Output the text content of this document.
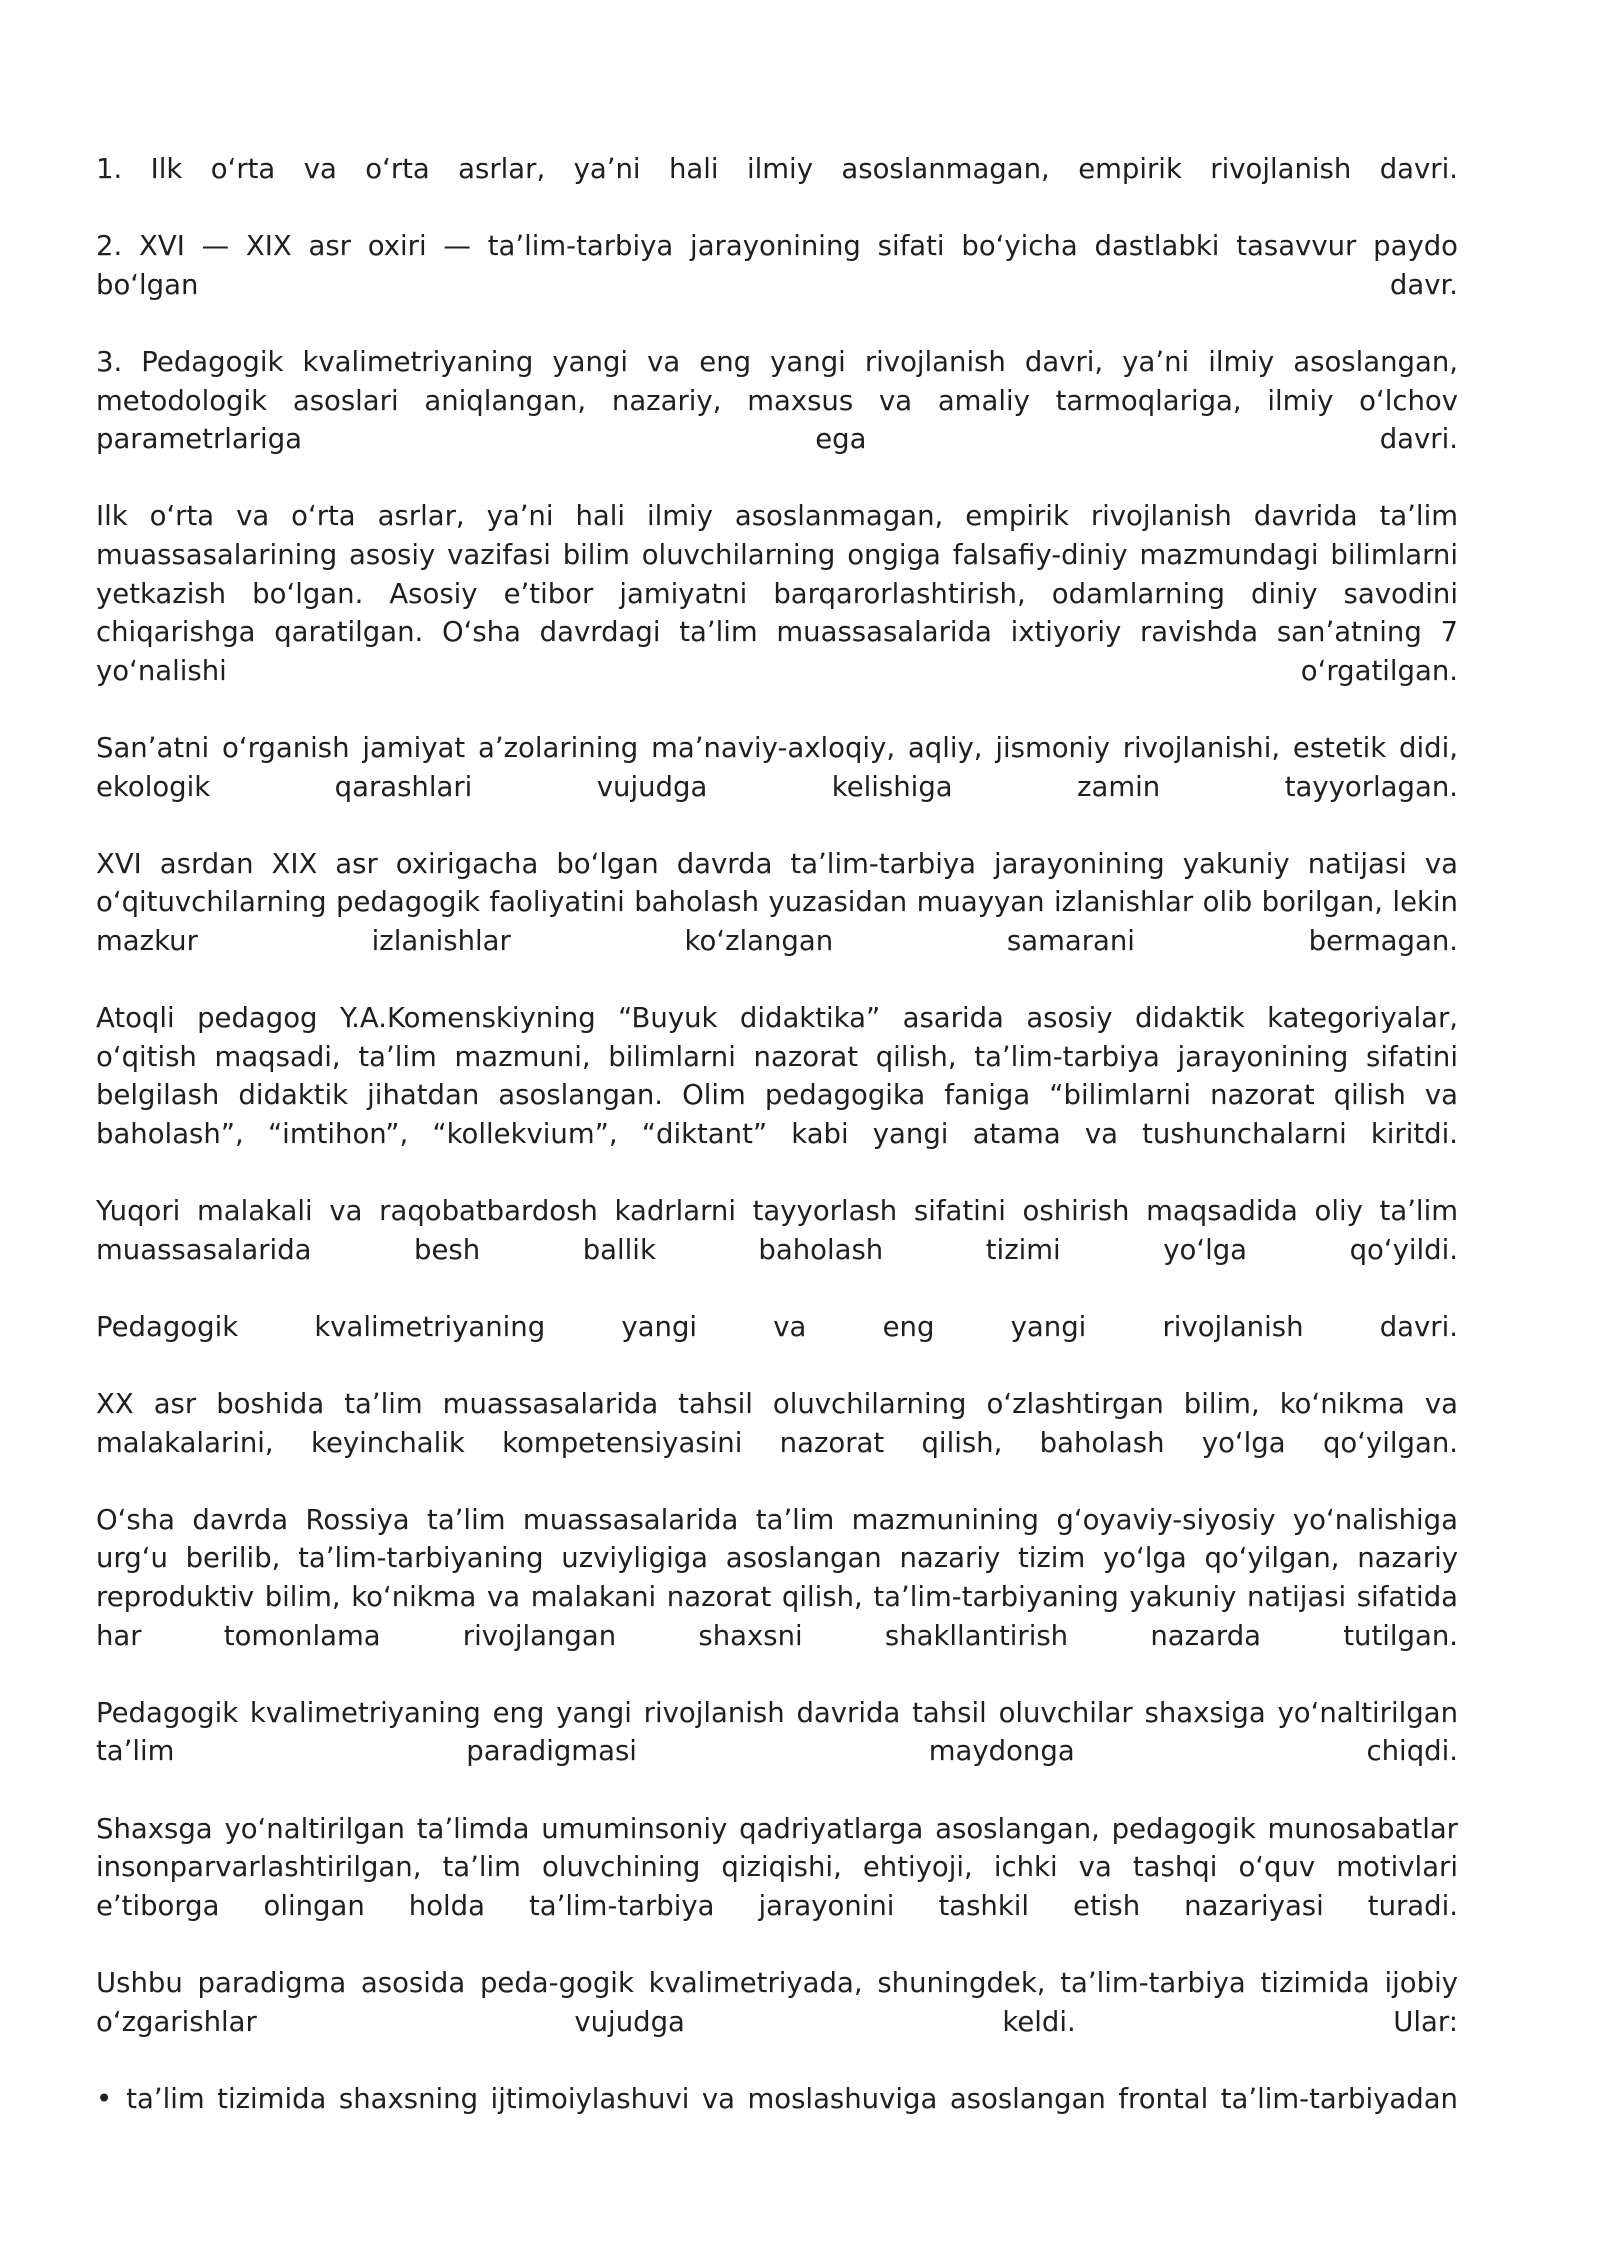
1. Ilk oʻrta va oʻrta asrlar, yaʼni hali ilmiy asoslanmagan, empirik rivojlanish davri.

2. XVI — XIX asr oxiri — taʼlim-tarbiya jarayonining sifati boʻyicha dastlabki tasavvur paydo boʻlgan davr.

3. Pedagogik kvalimetriyaning yangi va eng yangi rivojlanish davri, yaʼni ilmiy asoslangan, metodologik asoslari aniqlangan, nazariy, maxsus va amaliy tarmoqlariga, ilmiy oʻlchov parametrlariga ega davri.

Ilk oʻrta va oʻrta asrlar, yaʼni hali ilmiy asoslanmagan, empirik rivojlanish davrida taʼlim muassasalarining asosiy vazifasi bilim oluvchilarning ongiga falsafiy-diniy mazmundagi bilimlarni yetkazish boʻlgan. Asosiy eʼtibor jamiyatni barqarorlashtirish, odamlarning diniy savodini chiqarishga qaratilgan. Oʻsha davrdagi taʼlim muassasalarida ixtiyoriy ravishda sanʼatning 7 yoʻnalishi oʻrgatilgan.

Sanʼatni oʻrganish jamiyat aʼzolarining maʼnaviy-axloqiy, aqliy, jismoniy rivojlanishi, estetik didi, ekologik qarashlari vujudga kelishiga zamin tayyorlagan.

XVI asrdan XIX asr oxirigacha boʻlgan davrda taʼlim-tarbiya jarayonining yakuniy natijasi va oʻqituvchilarning pedagogik faoliyatini baholash yuzasidan muayyan izlanishlar olib borilgan, lekin mazkur izlanishlar koʻzlangan samarani bermagan.

Atoqli pedagog Y.A.Komenskiyning “Buyuk didaktika” asarida asosiy didaktik kategoriyalar, oʻqitish maqsadi, taʼlim mazmuni, bilimlarni nazorat qilish, taʼlim-tarbiya jarayonining sifatini belgilash didaktik jihatdan asoslangan. Olim pedagogika faniga “bilimlarni nazorat qilish va baholash”, “imtihon”, “kollekvium”, “diktant” kabi yangi atama va tushunchalarni kiritdi.

Yuqori malakali va raqobatbardosh kadrlarni tayyorlash sifatini oshirish maqsadida oliy taʼlim muassasalarida besh ballik baholash tizimi yoʻlga qoʻyildi.

Pedagogik kvalimetriyaning yangi va eng yangi rivojlanish davri.

XX asr boshida taʼlim muassasalarida tahsil oluvchilarning oʻzlashtirgan bilim, koʻnikma va malakalarini, keyinchalik kompetensiyasini nazorat qilish, baholash yoʻlga qoʻyilgan.

Oʻsha davrda Rossiya taʼlim muassasalarida taʼlim mazmunining gʻoyaviy-siyosiy yoʻnalishiga urgʻu berilib, taʼlim-tarbiyaning uzviyligiga asoslangan nazariy tizim yoʻlga qoʻyilgan, nazariy reproduktiv bilim, koʻnikma va malakani nazorat qilish, taʼlim-tarbiyaning yakuniy natijasi sifatida har tomonlama rivojlangan shaxsni shakllantirish nazarda tutilgan.

Pedagogik kvalimetriyaning eng yangi rivojlanish davrida tahsil oluvchilar shaxsiga yoʻnaltirilgan taʼlim paradigmasi maydonga chiqdi.

Shaxsga yoʻnaltirilgan taʼlimda umuminsoniy qadriyatlarga asoslangan, pedagogik munosabatlar insonparvarlashtirilgan, taʼlim oluvchining qiziqishi, ehtiyoji, ichki va tashqi oʻquv motivlari eʼtiborga olingan holda taʼlim-tarbiya jarayonini tashkil etish nazariyasi turadi.

Ushbu paradigma asosida peda-gogik kvalimetriyada, shuningdek, taʼlim-tarbiya tizimida ijobiy oʻzgarishlar vujudga keldi. Ular:

• taʼlim tizimida shaxsning ijtimoiylashuvi va moslashuviga asoslangan frontal taʼlim-tarbiyadan
